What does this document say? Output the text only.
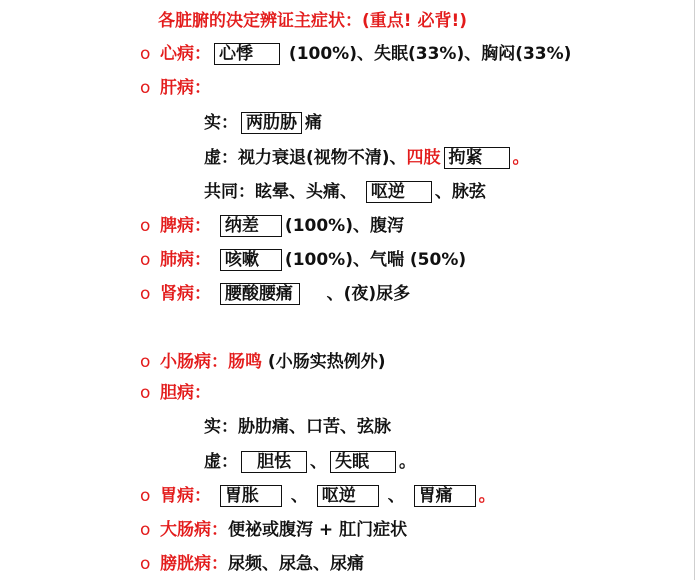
各脏腑的决定辨证主症状：(重点! 必背!)
o 心病： 心悸 (100%)、失眠(33%)、胸闷(33%)
o 肝病：
实： 两肋胁 痛
虚：视力衰退(视物不清)、四肢 拘紧 。
共同：眩晕、头痛、 呕逆 、脉弦
o 脾病： 纳差 (100%)、腹泻
o 肺病： 咳嗽 (100%)、气喘 (50%)
o 肾病： 腰酸腰痛 、(夜)尿多
o 小肠病：肠鸣 (小肠实热例外)
o 胆病：
实：胁肋痛、口苦、弦脉
虚： 胆怯 、 失眠 。
o 胃病： 胃胀 、 呕逆 、 胃痛 。
o 大肠病：便祕或腹泻 + 肛门症状
o 膀胱病：尿频、尿急、尿痛
